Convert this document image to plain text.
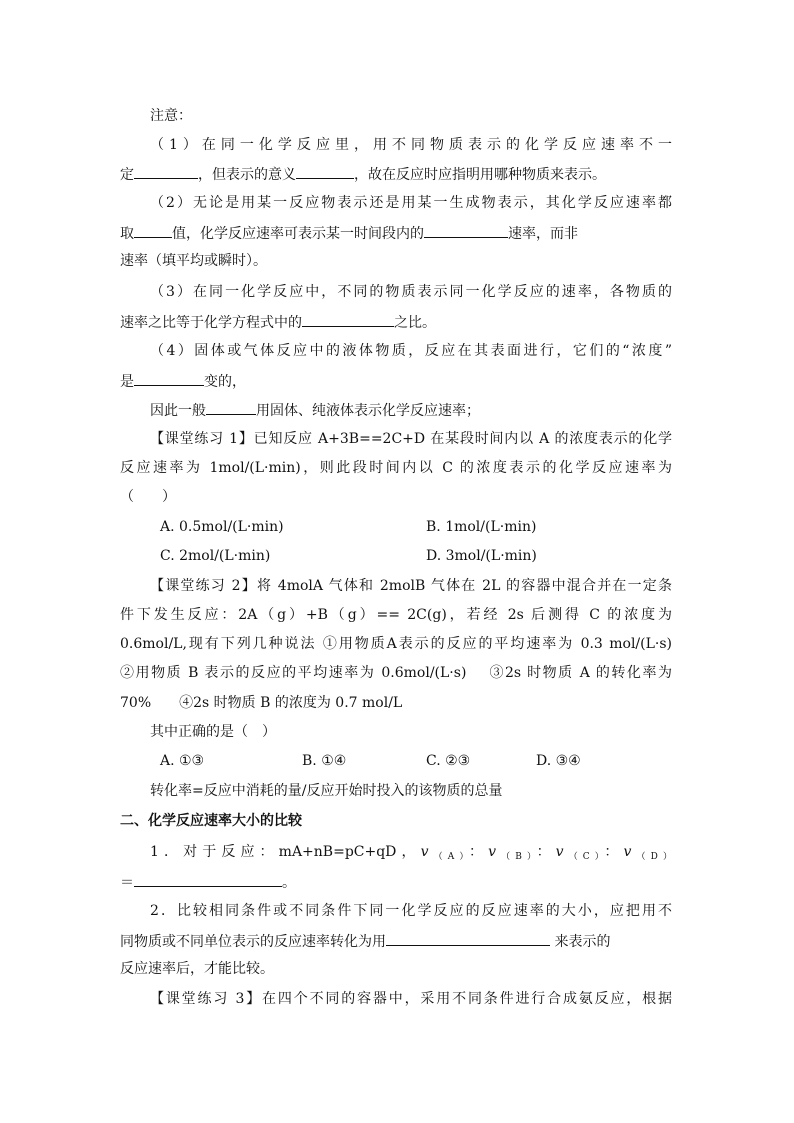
注意：
（1）在同一化学反应里，用不同物质表示的化学反应速率不一
定	，但表示的意义	，故在反应时应指明用哪种物质来表示。
（2）无论是用某一反应物表示还是用某一生成物表示，其化学反应速率都
取	值，化学反应速率可表示某一时间段内的	速率，而非
速率（填平均或瞬时）。
（3）在同一化学反应中，不同的物质表示同一化学反应的速率，各物质的
速率之比等于化学方程式中的	之比。
（4）固体或气体反应中的液体物质，反应在其表面进行，它们的“浓度”
是	变的，
因此一般	用固体、纯液体表示化学反应速率；
【课堂练习 1】已知反应 A+3B==2C+D 在某段时间内以 A 的浓度表示的化学
反应速率为 1mol/(L·min)，则此段时间内以 C 的浓度表示的化学反应速率为
（　　）
A. 0.5mol/(L·min)	B. 1mol/(L·min)
C. 2mol/(L·min)	D. 3mol/(L·min)
【课堂练习 2】将 4molA 气体和 2molB 气体在 2L 的容器中混合并在一定条
件下发生反应：2A（g）+B（g）== 2C(g)，若经 2s 后测得 C 的浓度为
0.6mol/L,现有下列几种说法 ①用物质A表示的反应的平均速率为 0.3 mol/(L·s)
②用物质 B 表示的反应的平均速率为 0.6mol/(L·s)　 ③2s 时物质 A 的转化率为
70%　　④2s 时物质 B 的浓度为 0.7 mol/L
其中正确的是（　）
A. ①③	B. ①④	C. ②③	D. ③④
转化率=反应中消耗的量/反应开始时投入的该物质的总量
二、化学反应速率大小的比较
1．对于反应：mA+nB=pC+qD，$v_{(A)}$：$v_{(B)}$：$v_{(C)}$：$v_{(D)}$
＝	。
2．比较相同条件或不同条件下同一化学反应的反应速率的大小，应把用不
同物质或不同单位表示的反应速率转化为用	来表示的
反应速率后，才能比较。
【课堂练习 3】在四个不同的容器中，采用不同条件进行合成氨反应，根据
